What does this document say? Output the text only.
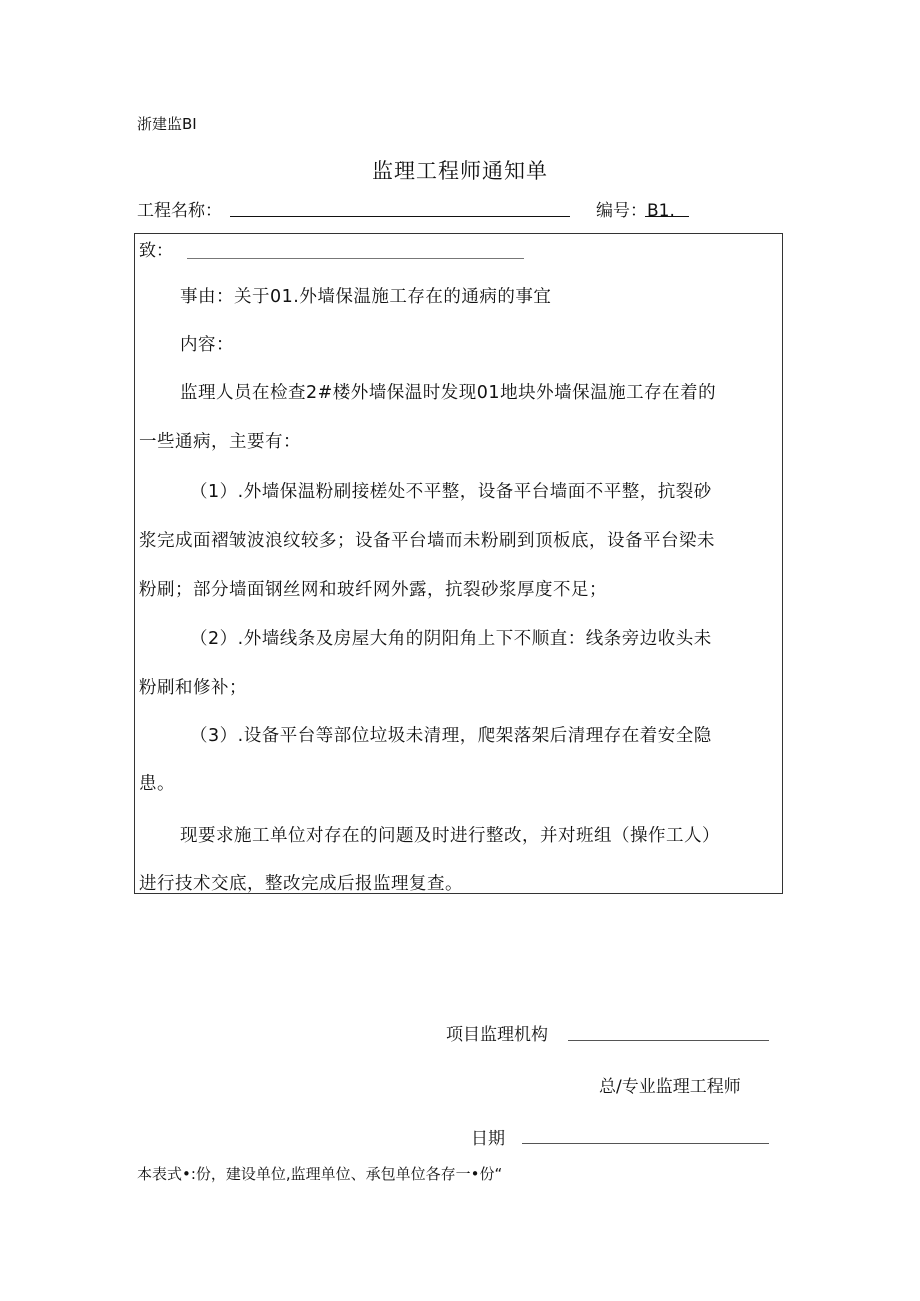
浙建监BI
监理工程师通知单
工程名称：	编号：B1.
致：
事由：关于01.外墙保温施工存在的通病的事宜
内容：
监理人员在检查2#楼外墙保温时发现01地块外墙保温施工存在着的
一些通病，主要有：
（1）.外墙保温粉刷接槎处不平整，设备平台墙面不平整，抗裂砂
浆完成面褶皱波浪纹较多；设备平台墙而未粉刷到顶板底，设备平台梁未
粉刷；部分墙面钢丝网和玻纤网外露，抗裂砂浆厚度不足；
（2）.外墙线条及房屋大角的阴阳角上下不顺直：线条旁边收头未
粉刷和修补；
（3）.设备平台等部位垃圾未清理，爬架落架后清理存在着安全隐
患。
现要求施工单位对存在的问题及时进行整改，并对班组（操作工人）
进行技术交底，整改完成后报监理复查。
项目监理机构
总/专业监理工程师
日期
本表式•:份，建设单位,监理单位、承包单位各存一•份“
